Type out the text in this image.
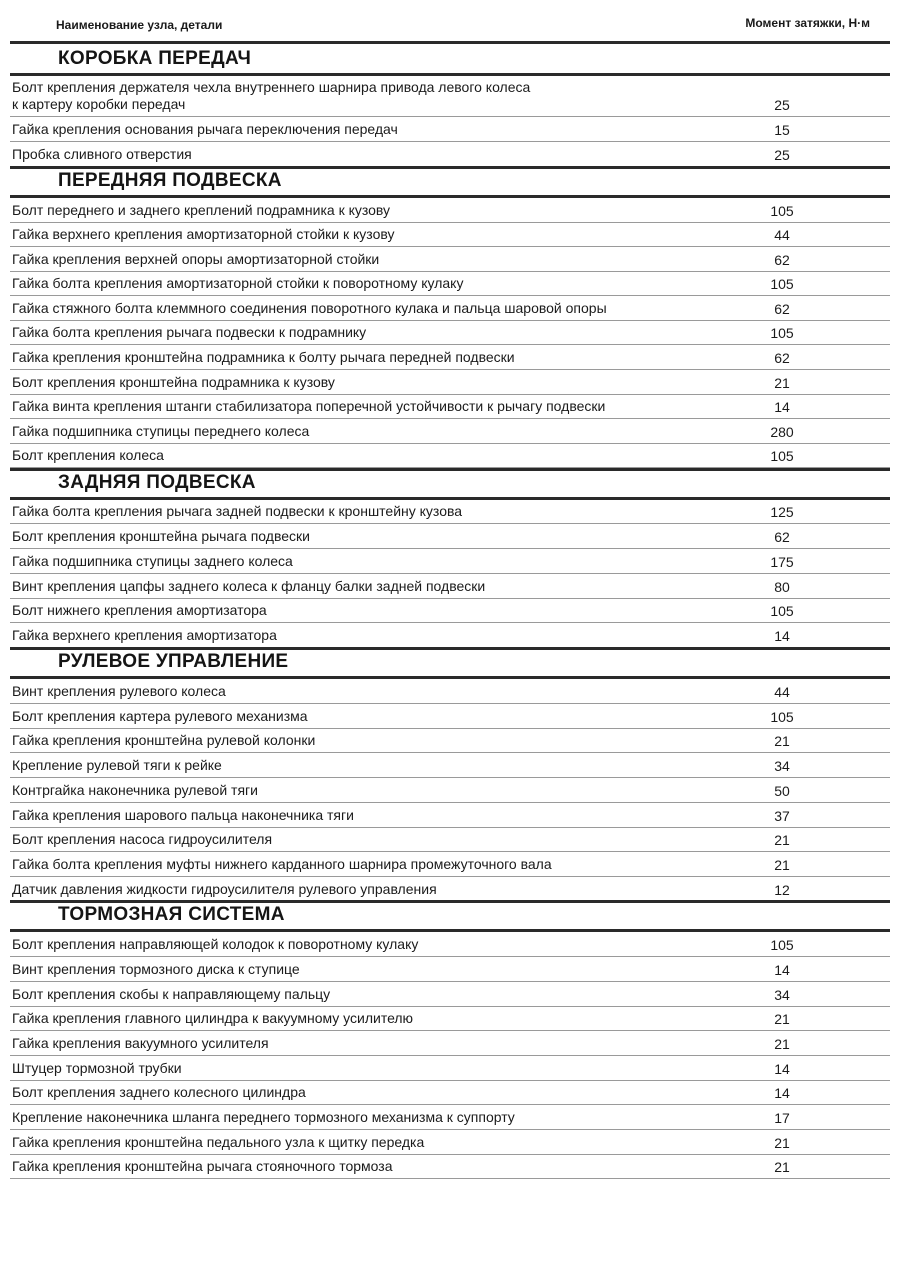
Наименование узла, детали	Момент затяжки, Н·м
КОРОБКА ПЕРЕДАЧ
Болт крепления держателя чехла внутреннего шарнира привода левого колеса
к картеру коробки передач	25
Гайка крепления основания рычага переключения передач	15
Пробка сливного отверстия	25
ПЕРЕДНЯЯ ПОДВЕСКА
Болт переднего и заднего креплений подрамника к кузову	105
Гайка верхнего крепления амортизаторной стойки к кузову	44
Гайка крепления верхней опоры амортизаторной стойки	62
Гайка болта крепления амортизаторной стойки к поворотному кулаку	105
Гайка стяжного болта клеммного соединения поворотного кулака и пальца шаровой опоры	62
Гайка болта крепления рычага подвески к подрамнику	105
Гайка крепления кронштейна подрамника к болту рычага передней подвески	62
Болт крепления кронштейна подрамника к кузову	21
Гайка винта крепления штанги стабилизатора поперечной устойчивости к рычагу подвески	14
Гайка подшипника ступицы переднего колеса	280
Болт крепления колеса	105
ЗАДНЯЯ ПОДВЕСКА
Гайка болта крепления рычага задней подвески к кронштейну кузова	125
Болт крепления кронштейна рычага подвески	62
Гайка подшипника ступицы заднего колеса	175
Винт крепления цапфы заднего колеса к фланцу балки задней подвески	80
Болт нижнего крепления амортизатора	105
Гайка верхнего крепления амортизатора	14
РУЛЕВОЕ УПРАВЛЕНИЕ
Винт крепления рулевого колеса	44
Болт крепления картера рулевого механизма	105
Гайка крепления кронштейна рулевой колонки	21
Крепление рулевой тяги к рейке	34
Контргайка наконечника рулевой тяги	50
Гайка крепления шарового пальца наконечника тяги	37
Болт крепления насоса гидроусилителя	21
Гайка болта крепления муфты нижнего карданного шарнира промежуточного вала	21
Датчик давления жидкости гидроусилителя рулевого управления	12
ТОРМОЗНАЯ СИСТЕМА
Болт крепления направляющей колодок к поворотному кулаку	105
Винт крепления тормозного диска к ступице	14
Болт крепления скобы к направляющему пальцу	34
Гайка крепления главного цилиндра к вакуумному усилителю	21
Гайка крепления вакуумного усилителя	21
Штуцер тормозной трубки	14
Болт крепления заднего колесного цилиндра	14
Крепление наконечника шланга переднего тормозного механизма к суппорту	17
Гайка крепления кронштейна педального узла к щитку передка	21
Гайка крепления кронштейна рычага стояночного тормоза	21
